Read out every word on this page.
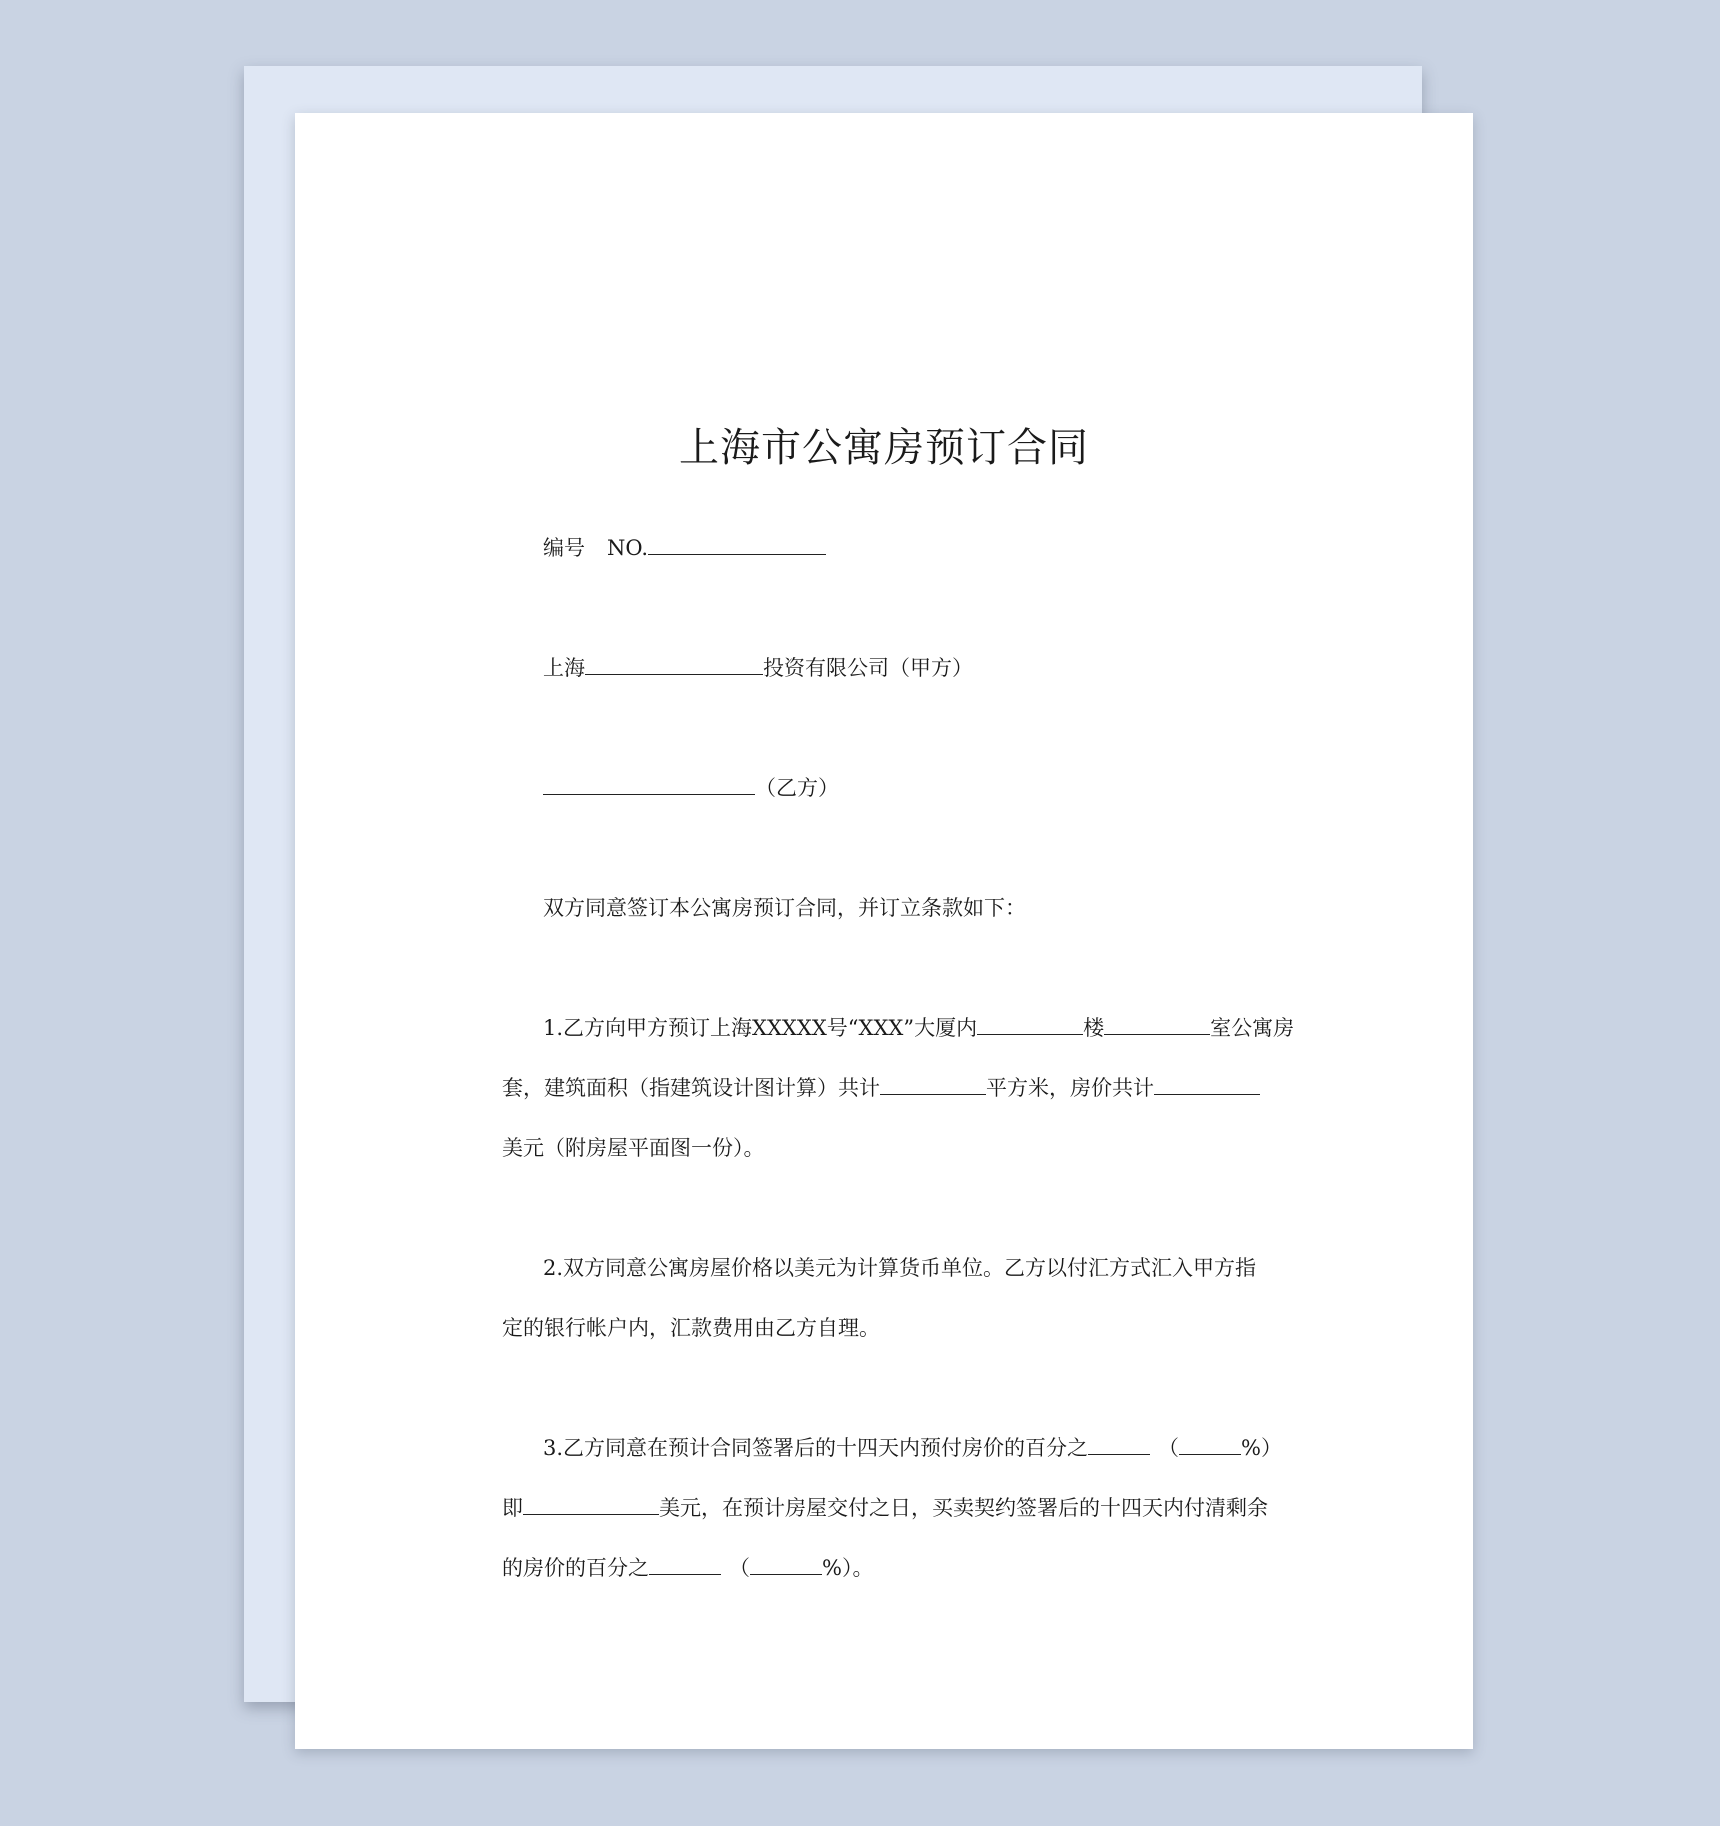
上海市公寓房预订合同
编号 NO.
上海	投资有限公司（甲方）
（乙方）
双方同意签订本公寓房预订合同，并订立条款如下：
1.乙方向甲方预订上海XXXXX号“XXX”大厦内	楼	室公寓房
套，建筑面积（指建筑设计图计算）共计	平方米，房价共计
美元（附房屋平面图一份）。
2.双方同意公寓房屋价格以美元为计算货币单位。乙方以付汇方式汇入甲方指
定的银行帐户内，汇款费用由乙方自理。
3.乙方同意在预计合同签署后的十四天内预付房价的百分之	（	%）
即	美元，在预计房屋交付之日，买卖契约签署后的十四天内付清剩余
的房价的百分之	（	%）。
